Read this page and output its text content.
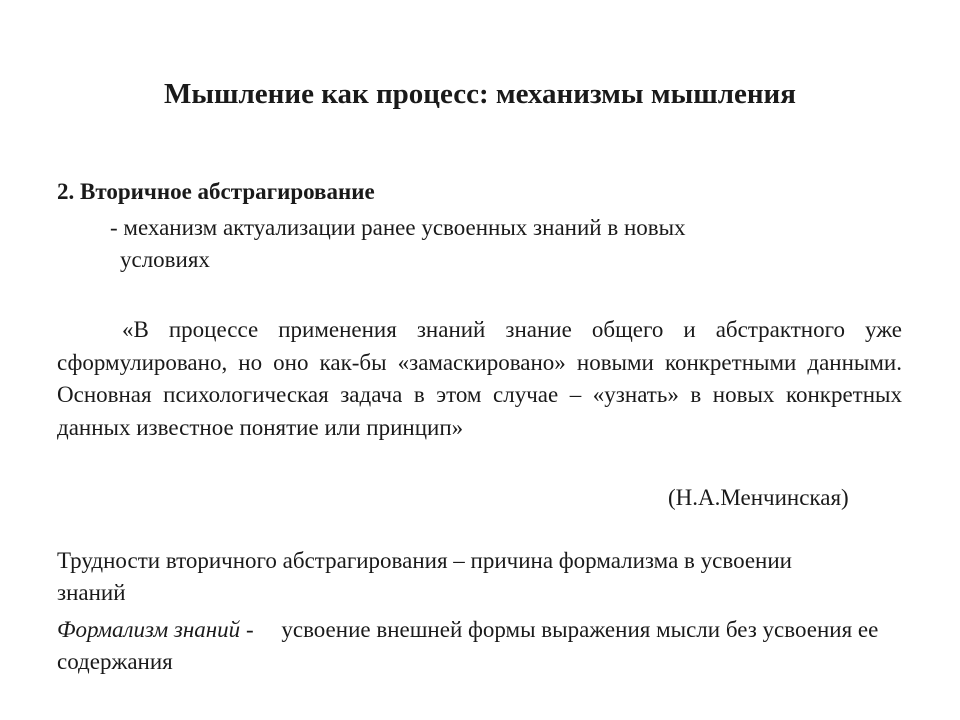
Мышление как процесс: механизмы мышления
2. Вторичное абстрагирование
- механизм актуализации ранее усвоенных знаний в новых
условиях
«В процессе применения знаний знание общего и абстрактного уже сформулировано, но оно как-бы «замаскировано» новыми конкретными данными. Основная психологическая задача в этом случае – «узнать» в новых конкретных данных известное понятие или принцип»
(Н.А.Менчинская)
Трудности вторичного абстрагирования – причина формализма в усвоении знаний
Формализм знаний - усвоение внешней формы выражения мысли без усвоения ее содержания
